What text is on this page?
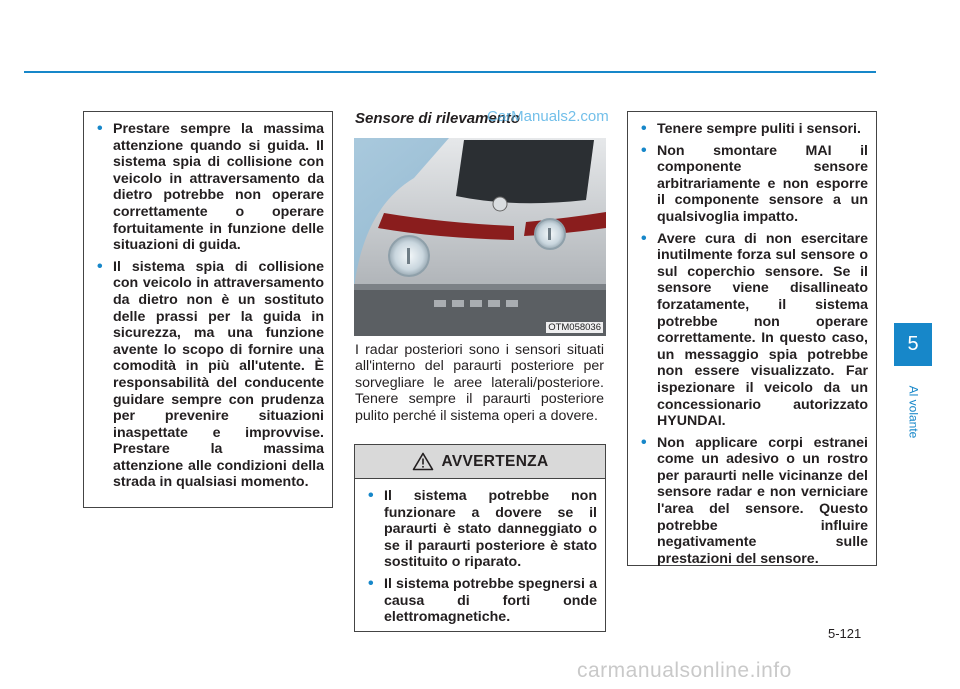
• Prestare sempre la massima attenzione quando si guida. Il sistema spia di collisione con veicolo in attraversamento da dietro potrebbe non operare correttamente o operare fortuitamente in funzione delle situazioni di guida.
• Il sistema spia di collisione con veicolo in attraversamento da dietro non è un sostituto delle prassi per la guida in sicurezza, ma una funzione avente lo scopo di fornire una comodità in più all'utente. È responsabilità del conducente guidare sempre con prudenza per prevenire situazioni inaspettate e improvvise. Prestare la massima attenzione alle condizioni della strada in qualsiasi momento.
Sensore di rilevamento
CarManuals2.com
OTM058036

I radar posteriori sono i sensori situati all'interno del paraurti posteriore per sorvegliare le aree laterali/posteriore. Tenere sempre il paraurti posteriore pulito perché il sistema operi a dovere.

AVVERTENZA
• Il sistema potrebbe non funzionare a dovere se il paraurti è stato danneggiato o se il paraurti posteriore è stato sostituito o riparato.
• Il sistema potrebbe spegnersi a causa di forti onde elettromagnetiche.
• Tenere sempre puliti i sensori.
• Non smontare MAI il componente sensore arbitrariamente e non esporre il componente sensore a un qualsivoglia impatto.
• Avere cura di non esercitare inutilmente forza sul sensore o sul coperchio sensore. Se il sensore viene disallineato forzatamente, il sistema potrebbe non operare correttamente. In questo caso, un messaggio spia potrebbe non essere visualizzato. Far ispezionare il veicolo da un concessionario autorizzato HYUNDAI.
• Non applicare corpi estranei come un adesivo o un rostro per paraurti nelle vicinanze del sensore radar e non verniciare l'area del sensore. Questo potrebbe influire negativamente sulle prestazioni del sensore.
5
Al volante
5-121
carmanualsonline.info
